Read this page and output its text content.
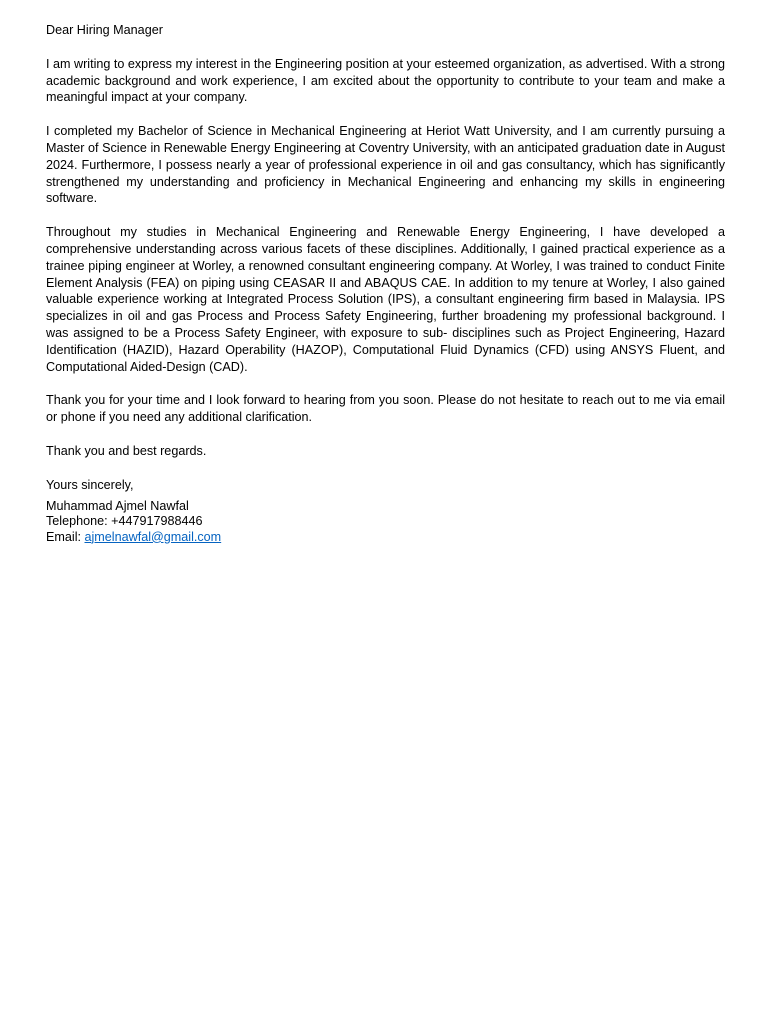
Dear Hiring Manager

I am writing to express my interest in the Engineering position at your esteemed organization, as advertised. With a strong academic background and work experience, I am excited about the opportunity to contribute to your team and make a meaningful impact at your company.

I completed my Bachelor of Science in Mechanical Engineering at Heriot Watt University, and I am currently pursuing a Master of Science in Renewable Energy Engineering at Coventry University, with an anticipated graduation date in August 2024. Furthermore, I possess nearly a year of professional experience in oil and gas consultancy, which has significantly strengthened my understanding and proficiency in Mechanical Engineering and enhancing my skills in engineering software.

Throughout my studies in Mechanical Engineering and Renewable Energy Engineering, I have developed a comprehensive understanding across various facets of these disciplines. Additionally, I gained practical experience as a trainee piping engineer at Worley, a renowned consultant engineering company. At Worley, I was trained to conduct Finite Element Analysis (FEA) on piping using CEASAR II and ABAQUS CAE. In addition to my tenure at Worley, I also gained valuable experience working at Integrated Process Solution (IPS), a consultant engineering firm based in Malaysia. IPS specializes in oil and gas Process and Process Safety Engineering, further broadening my professional background. I was assigned to be a Process Safety Engineer, with exposure to sub- disciplines such as Project Engineering, Hazard Identification (HAZID), Hazard Operability (HAZOP), Computational Fluid Dynamics (CFD) using ANSYS Fluent, and Computational Aided-Design (CAD).

Thank you for your time and I look forward to hearing from you soon. Please do not hesitate to reach out to me via email or phone if you need any additional clarification.

Thank you and best regards.

Yours sincerely,

Muhammad Ajmel Nawfal

Telephone: +447917988446

Email: ajmelnawfal@gmail.com
